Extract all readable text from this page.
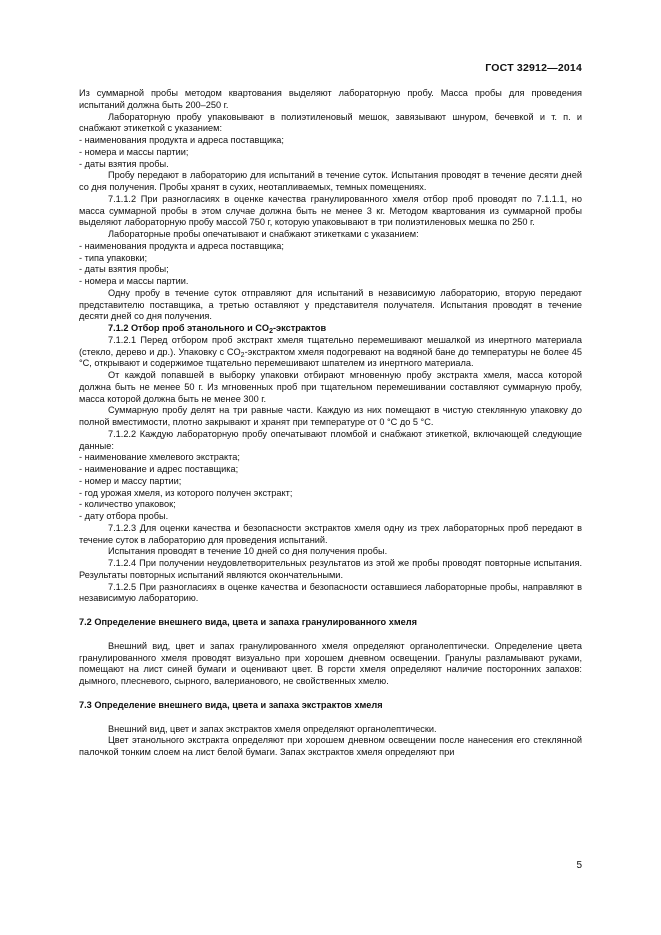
ГОСТ 32912—2014

Из суммарной пробы методом квартования выделяют лабораторную пробу. Масса пробы для проведения испытаний должна быть 200–250 г.

Лабораторную пробу упаковывают в полиэтиленовый мешок, завязывают шнуром, бечевкой и т. п. и снабжают этикеткой с указанием:

- наименования продукта и адреса поставщика;

- номера и массы партии;

- даты взятия пробы.

Пробу передают в лабораторию для испытаний в течение суток. Испытания проводят в течение десяти дней со дня получения. Пробы хранят в сухих, неотапливаемых, темных помещениях.

7.1.1.2 При разногласиях в оценке качества гранулированного хмеля отбор проб проводят по 7.1.1.1, но масса суммарной пробы в этом случае должна быть не менее 3 кг. Методом квартования из суммарной пробы выделяют лабораторную пробу массой 750 г, которую упаковывают в три полиэтиленовых мешка по 250 г.

Лабораторные пробы опечатывают и снабжают этикетками с указанием:

- наименования продукта и адреса поставщика;

- типа упаковки;

- даты взятия пробы;

- номера и массы партии.

Одну пробу в течение суток отправляют для испытаний в независимую лабораторию, вторую передают представителю поставщика, а третью оставляют у представителя получателя. Испытания проводят в течение десяти дней со дня получения.

7.1.2 Отбор проб этанольного и $CO_2$-экстрактов

7.1.2.1 Перед отбором проб экстракт хмеля тщательно перемешивают мешалкой из инертного материала (стекло, дерево и др.). Упаковку с $CO_2$-экстрактом хмеля подогревают на водяной бане до температуры не более 45 °С, открывают и содержимое тщательно перемешивают шпателем из инертного материала.

От каждой попавшей в выборку упаковки отбирают мгновенную пробу экстракта хмеля, масса которой должна быть не менее 50 г. Из мгновенных проб при тщательном перемешивании составляют суммарную пробу, масса которой должна быть не менее 300 г.

Суммарную пробу делят на три равные части. Каждую из них помещают в чистую стеклянную упаковку до полной вместимости, плотно закрывают и хранят при температуре от 0 °С до 5 °С.

7.1.2.2 Каждую лабораторную пробу опечатывают пломбой и снабжают этикеткой, включающей следующие данные:

- наименование хмелевого экстракта;

- наименование и адрес поставщика;

- номер и массу партии;

- год урожая хмеля, из которого получен экстракт;

- количество упаковок;

- дату отбора пробы.

7.1.2.3 Для оценки качества и безопасности экстрактов хмеля одну из трех лабораторных проб передают в течение суток в лабораторию для проведения испытаний.

Испытания проводят в течение 10 дней со дня получения пробы.

7.1.2.4 При получении неудовлетворительных результатов из этой же пробы проводят повторные испытания. Результаты повторных испытаний являются окончательными.

7.1.2.5 При разногласиях в оценке качества и безопасности оставшиеся лабораторные пробы, направляют в независимую лабораторию.

7.2 Определение внешнего вида, цвета и запаха гранулированного хмеля

Внешний вид, цвет и запах гранулированного хмеля определяют органолептически. Определение цвета гранулированного хмеля проводят визуально при хорошем дневном освещении. Гранулы разламывают руками, помещают на лист синей бумаги и оценивают цвет. В горсти хмеля определяют наличие посторонних запахов: дымного, плесневого, сырного, валерианового, не свойственных хмелю.

7.3 Определение внешнего вида, цвета и запаха экстрактов хмеля

Внешний вид, цвет и запах экстрактов хмеля определяют органолептически.

Цвет этанольного экстракта определяют при хорошем дневном освещении после нанесения его стеклянной палочкой тонким слоем на лист белой бумаги. Запах экстрактов хмеля определяют при

5
